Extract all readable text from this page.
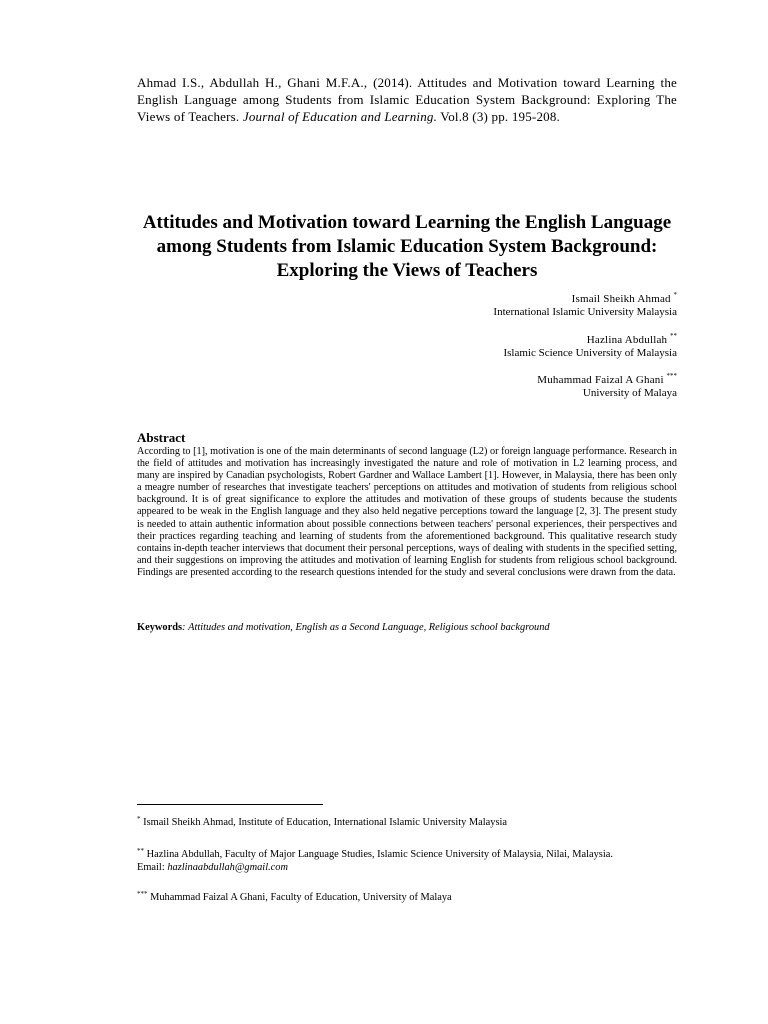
Ahmad I.S., Abdullah H., Ghani M.F.A., (2014). Attitudes and Motivation toward Learning the English Language among Students from Islamic Education System Background: Exploring The Views of Teachers. Journal of Education and Learning. Vol.8 (3) pp. 195-208.

Attitudes and Motivation toward Learning the English Language among Students from Islamic Education System Background: Exploring the Views of Teachers
Ismail Sheikh Ahmad *
International Islamic University Malaysia
Hazlina Abdullah **
Islamic Science University of Malaysia
Muhammad Faizal A Ghani ***
University of Malaya
Abstract

According to [1], motivation is one of the main determinants of second language (L2) or foreign language performance. Research in the field of attitudes and motivation has increasingly investigated the nature and role of motivation in L2 learning process, and many are inspired by Canadian psychologists, Robert Gardner and Wallace Lambert [1]. However, in Malaysia, there has been only a meagre number of researches that investigate teachers' perceptions on attitudes and motivation of students from religious school background. It is of great significance to explore the attitudes and motivation of these groups of students because the students appeared to be weak in the English language and they also held negative perceptions toward the language [2, 3]. The present study is needed to attain authentic information about possible connections between teachers' personal experiences, their perspectives and their practices regarding teaching and learning of students from the aforementioned background. This qualitative research study contains in-depth teacher interviews that document their personal perceptions, ways of dealing with students in the specified setting, and their suggestions on improving the attitudes and motivation of learning English for students from religious school background. Findings are presented according to the research questions intended for the study and several conclusions were drawn from the data.

Keywords: Attitudes and motivation, English as a Second Language, Religious school background

* Ismail Sheikh Ahmad, Institute of Education, International Islamic University Malaysia

** Hazlina Abdullah, Faculty of Major Language Studies, Islamic Science University of Malaysia, Nilai, Malaysia.
Email: hazlinaabdullah@gmail.com

*** Muhammad Faizal A Ghani, Faculty of Education, University of Malaya
